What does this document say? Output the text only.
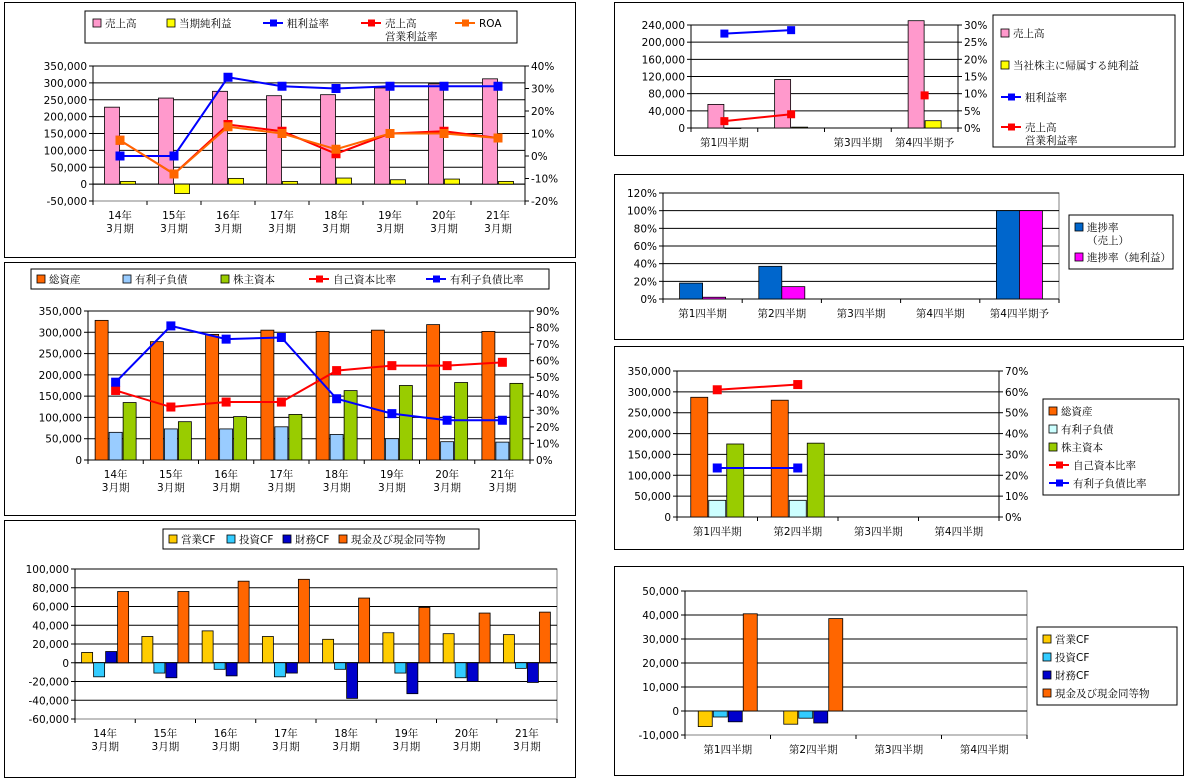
-50,000
0
50,000
100,000
150,000
200,000
250,000
300,000
350,000
-20%
-10%
0%
10%
20%
30%
40%
14年 3月期
15年 3月期
16年 3月期
17年 3月期
18年 3月期
19年 3月期
20年 3月期
21年 3月期
売上高	当期純利益	粗利益率	売上高営業利益率
ROA
0
50,000
100,000
150,000
200,000
250,000
300,000
350,000
0%
10%
20%
30%
40%
50%
60%
70%
80%
90%
14年 3月期
15年 3月期
16年 3月期
17年 3月期
18年 3月期
19年 3月期
20年 3月期
21年 3月期
総資産	有利子負債	株主資本	自己資本比率	有利子負債比率
-60,000
-40,000
-20,000
0
20,000
40,000
60,000
80,000
100,000
14年 3月期
15年 3月期
16年 3月期
17年 3月期
18年 3月期
19年 3月期
20年 3月期
21年 3月期
営業CF 投資CF 財務CF 現金及び現金同等物
0
40,000
80,000
120,000
160,000
200,000
240,000
0%
5%
10%
15%
20%
25%
30%
第1四半期	第3四半期 第4四半期予
売上高
当社株主に帰属する純利益
粗利益率
売上高営業利益率
0%
20%
40%
60%
80%
100%
120%
第1四半期	第2四半期	第3四半期	第4四半期 第4四半期予
進捗率（売上）
進捗率（純利益）
0
50,000
100,000
150,000
200,000
250,000
300,000
350,000
0%
10%
20%
30%
40%
50%
60%
70%
第1四半期	第2四半期	第3四半期	第4四半期
総資産
有利子負債
株主資本
自己資本比率
有利子負債比率
-10,000
0
10,000
20,000
30,000
40,000
50,000
第1四半期	第2四半期	第3四半期	第4四半期
営業CF
投資CF
財務CF
現金及び現金同等物
